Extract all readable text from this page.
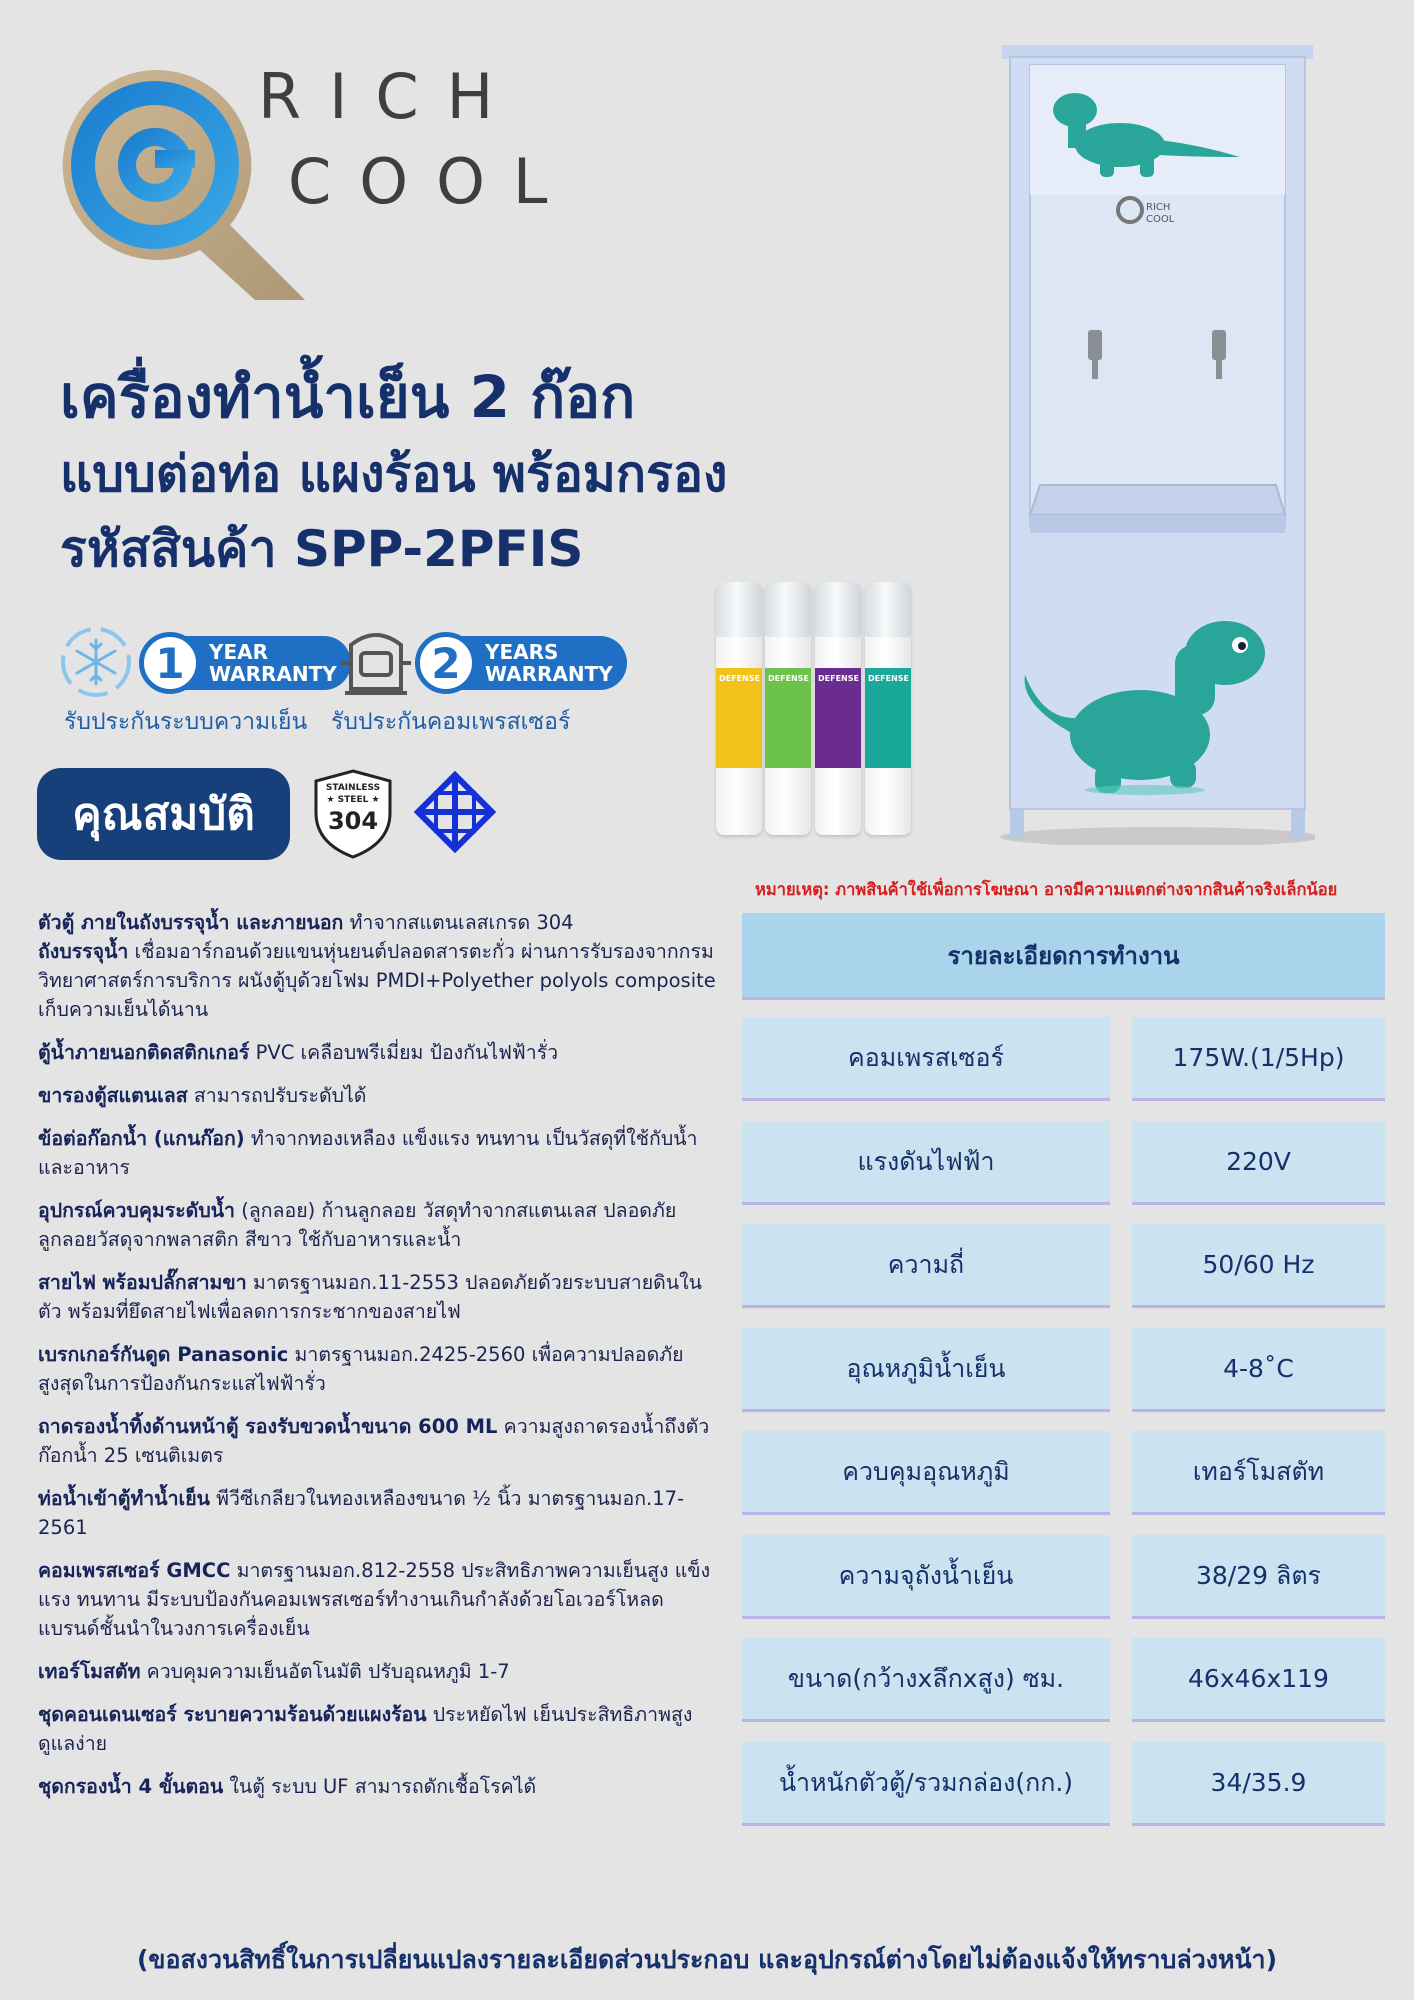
RICH
COOL
เครื่องทำน้ำเย็น 2 ก๊อก
แบบต่อท่อ แผงร้อน พร้อมกรอง
รหัสสินค้า SPP-2PFIS
1	YEAR
WARRANTY
รับประกันระบบความเย็น
2	YEARS
WARRANTY
รับประกันคอมเพรสเซอร์
คุณสมบัติ
STAINLESS
★ STEEL ★
304
DEFENSE	DEFENSE	DEFENSE	DEFENSE
RICH
COOL
หมายเหตุ: ภาพสินค้าใช้เพื่อการโฆษณา อาจมีความแตกต่างจากสินค้าจริงเล็กน้อย
ตัวตู้ ภายในถังบรรจุน้ำ และภายนอก ทำจากสแตนเลสเกรด 304
ถังบรรจุน้ำ เชื่อมอาร์กอนด้วยแขนหุ่นยนต์ปลอดสารตะกั่ว ผ่านการรับรองจากกรมวิทยาศาสตร์การบริการ ผนังตู้บุด้วยโฟม PMDI+Polyether polyols composite เก็บความเย็นได้นาน
ตู้น้ำภายนอกติดสติกเกอร์ PVC เคลือบพรีเมี่ยม ป้องกันไฟฟ้ารั่ว
ขารองตู้สแตนเลส สามารถปรับระดับได้
ข้อต่อก๊อกน้ำ (แกนก๊อก) ทำจากทองเหลือง แข็งแรง ทนทาน เป็นวัสดุที่ใช้กับน้ำและอาหาร
อุปกรณ์ควบคุมระดับน้ำ (ลูกลอย) ก้านลูกลอย วัสดุทำจากสแตนเลส ปลอดภัย ลูกลอยวัสดุจากพลาสติก สีขาว ใช้กับอาหารและน้ำ
สายไฟ พร้อมปลั๊กสามขา มาตรฐานมอก.11-2553 ปลอดภัยด้วยระบบสายดินในตัว พร้อมที่ยึดสายไฟเพื่อลดการกระชากของสายไฟ
เบรกเกอร์กันดูด Panasonic มาตรฐานมอก.2425-2560 เพื่อความปลอดภัยสูงสุดในการป้องกันกระแสไฟฟ้ารั่ว
ถาดรองน้ำทิ้งด้านหน้าตู้ รองรับขวดน้ำขนาด 600 ML ความสูงถาดรองน้ำถึงตัวก๊อกน้ำ 25 เซนติเมตร
ท่อน้ำเข้าตู้ทำน้ำเย็น พีวีซีเกลียวในทองเหลืองขนาด ½ นิ้ว มาตรฐานมอก.17-2561
คอมเพรสเซอร์ GMCC มาตรฐานมอก.812-2558 ประสิทธิภาพความเย็นสูง แข็งแรง ทนทาน มีระบบป้องกันคอมเพรสเซอร์ทำงานเกินกำลังด้วยโอเวอร์โหลด แบรนด์ชั้นนำในวงการเครื่องเย็น
เทอร์โมสตัท ควบคุมความเย็นอัตโนมัติ ปรับอุณหภูมิ 1-7
ชุดคอนเดนเซอร์ ระบายความร้อนด้วยแผงร้อน ประหยัดไฟ เย็นประสิทธิภาพสูง ดูแลง่าย
ชุดกรองน้ำ 4 ขั้นตอน ในตู้ ระบบ UF สามารถดักเชื้อโรคได้
รายละเอียดการทำงาน
คอมเพรสเซอร์	175W.(1/5Hp)
แรงดันไฟฟ้า	220V
ความถี่	50/60 Hz
อุณหภูมิน้ำเย็น	4-8˚C
ควบคุมอุณหภูมิ	เทอร์โมสตัท
ความจุถังน้ำเย็น	38/29 ลิตร
ขนาด(กว้างxลึกxสูง) ซม.	46x46x119
น้ำหนักตัวตู้/รวมกล่อง(กก.)	34/35.9
(ขอสงวนสิทธิ์ในการเปลี่ยนแปลงรายละเอียดส่วนประกอบ และอุปกรณ์ต่างโดยไม่ต้องแจ้งให้ทราบล่วงหน้า)
